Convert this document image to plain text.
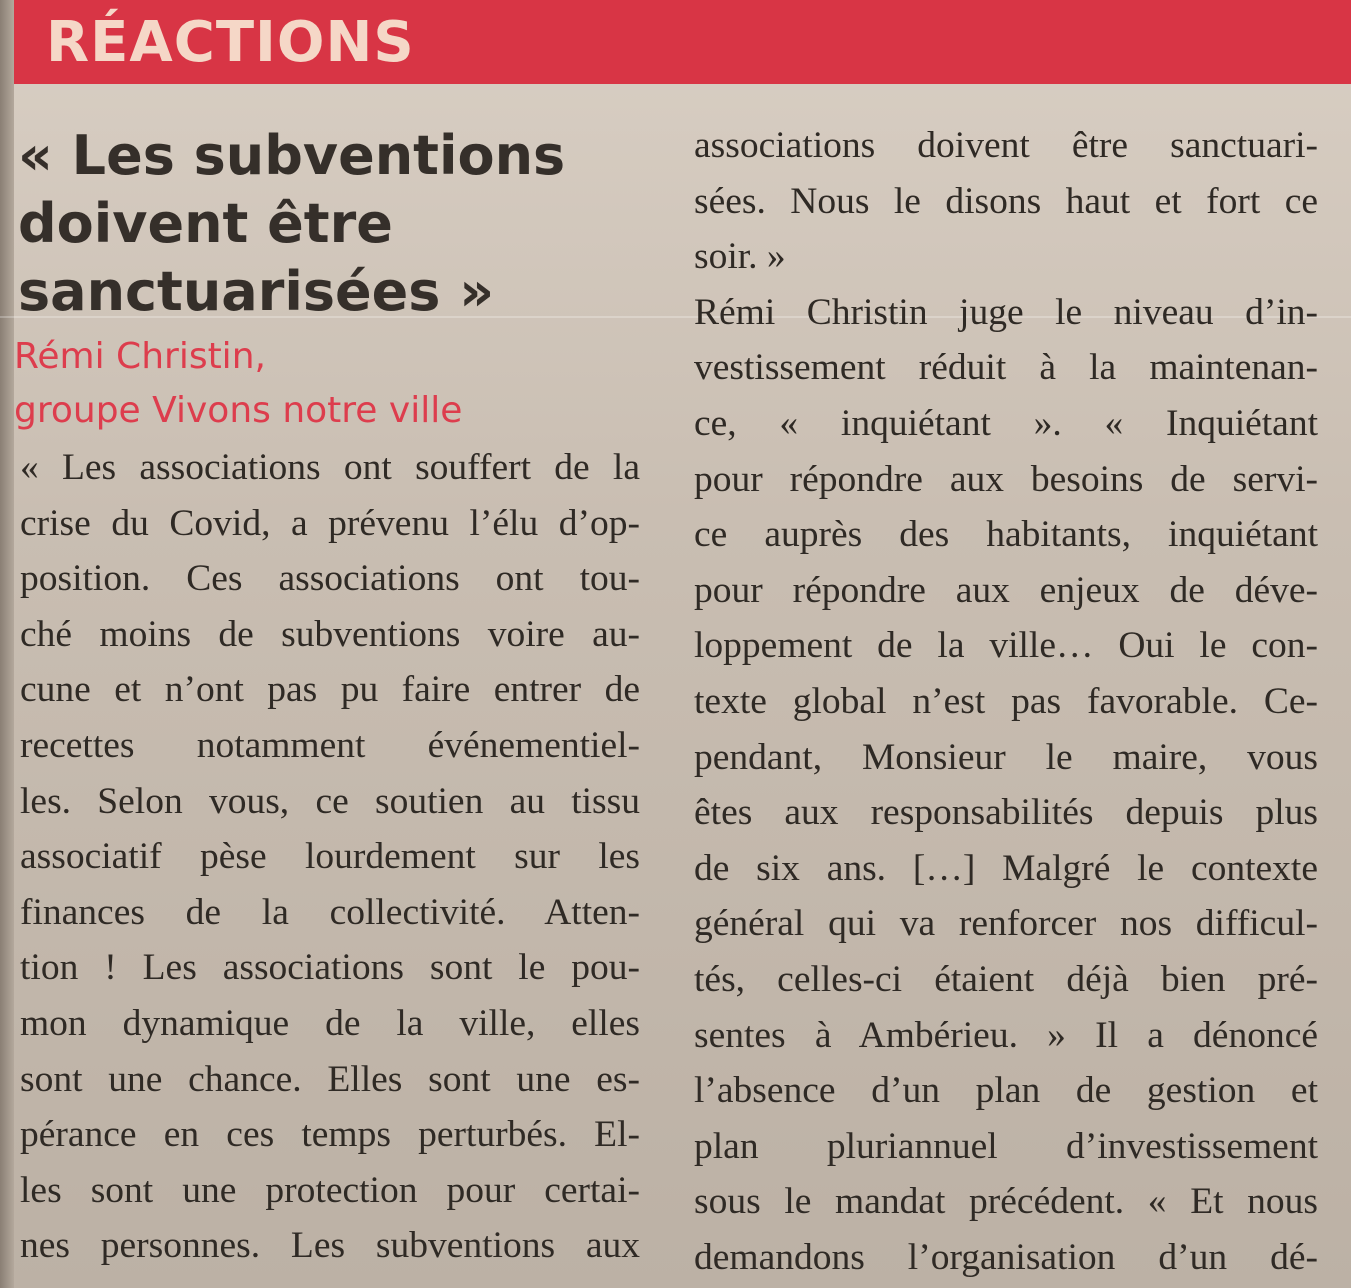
RÉACTIONS
« Les subventions
doivent être
sanctuarisées »
Rémi Christin,
groupe Vivons notre ville
« Les associations ont souffert de la
crise du Covid, a prévenu l’élu d’op-
position. Ces associations ont tou-
ché moins de subventions voire au-
cune et n’ont pas pu faire entrer de
recettes notamment événementiel-
les. Selon vous, ce soutien au tissu
associatif pèse lourdement sur les
finances de la collectivité. Atten-
tion ! Les associations sont le pou-
mon dynamique de la ville, elles
sont une chance. Elles sont une es-
pérance en ces temps perturbés. El-
les sont une protection pour certai-
nes personnes. Les subventions aux
associations doivent être sanctuari-
sées. Nous le disons haut et fort ce
soir. »
Rémi Christin juge le niveau d’in-
vestissement réduit à la maintenan-
ce, « inquiétant ». « Inquiétant
pour répondre aux besoins de servi-
ce auprès des habitants, inquiétant
pour répondre aux enjeux de déve-
loppement de la ville… Oui le con-
texte global n’est pas favorable. Ce-
pendant, Monsieur le maire, vous
êtes aux responsabilités depuis plus
de six ans. […] Malgré le contexte
général qui va renforcer nos difficul-
tés, celles-ci étaient déjà bien pré-
sentes à Ambérieu. » Il a dénoncé
l’absence d’un plan de gestion et
plan pluriannuel d’investissement
sous le mandat précédent. « Et nous
demandons l’organisation d’un dé-
